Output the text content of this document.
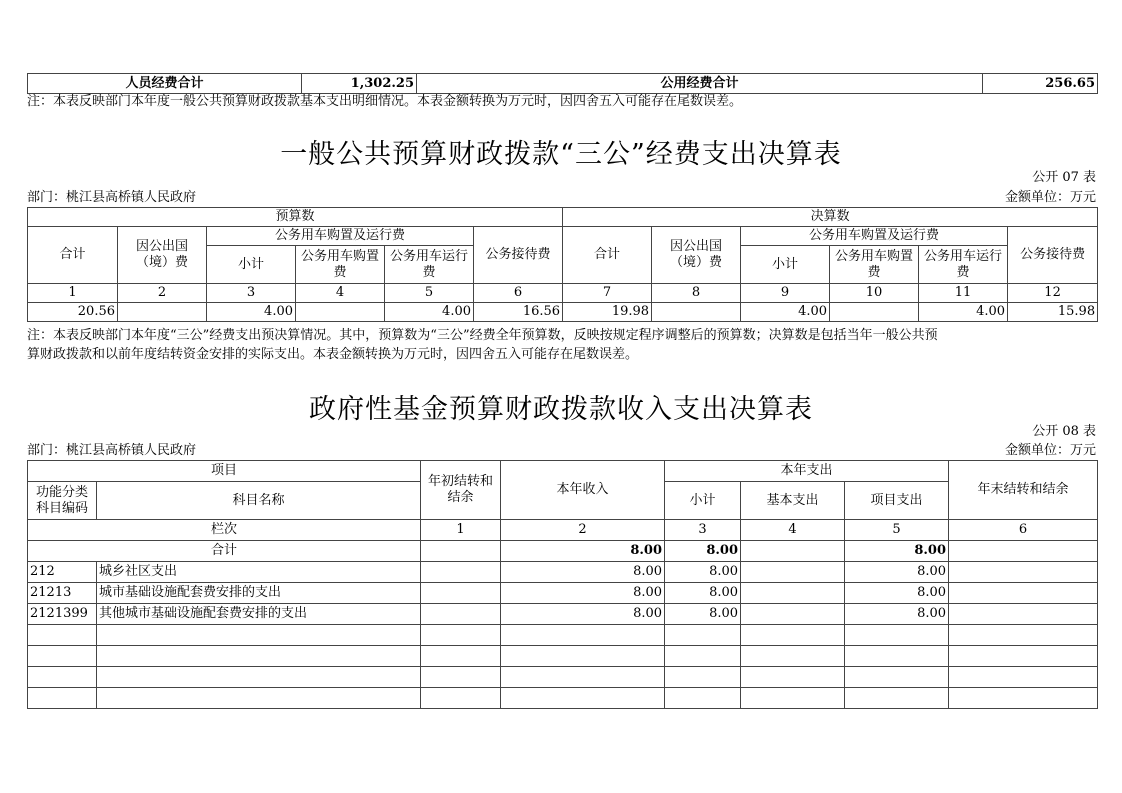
人员经费合计	1,302.25	公用经费合计	256.65
注：本表反映部门本年度一般公共预算财政拨款基本支出明细情况。本表金额转换为万元时，因四舍五入可能存在尾数误差。
一般公共预算财政拨款“三公”经费支出决算表
公开 07 表
部门：桃江县高桥镇人民政府	金额单位：万元
预算数						决算数					
合计	因公出国（境）费	公务用车购置及运行费			公务接待费	合计	因公出国（境）费	公务用车购置及运行费			公务接待费
		小计	公务用车购置费	公务用车运行费				小计	公务用车购置费	公务用车运行费	
1	2	3	4	5	6	7	8	9	10	11	12
20.56		4.00		4.00	16.56	19.98		4.00		4.00	15.98
注：本表反映部门本年度“三公”经费支出预决算情况。其中，预算数为“三公”经费全年预算数，反映按规定程序调整后的预算数；决算数是包括当年一般公共预
算财政拨款和以前年度结转资金安排的实际支出。本表金额转换为万元时，因四舍五入可能存在尾数误差。
政府性基金预算财政拨款收入支出决算表
公开 08 表
部门：桃江县高桥镇人民政府	金额单位：万元
项目		年初结转和结余	本年收入	本年支出			年末结转和结余
功能分类科目编码	科目名称			小计	基本支出	项目支出	
栏次		1	2	3	4	5	6
合计			8.00	8.00		8.00	
212	城乡社区支出		8.00	8.00		8.00	
21213	城市基础设施配套费安排的支出		8.00	8.00		8.00	
2121399	其他城市基础设施配套费安排的支出		8.00	8.00		8.00	
